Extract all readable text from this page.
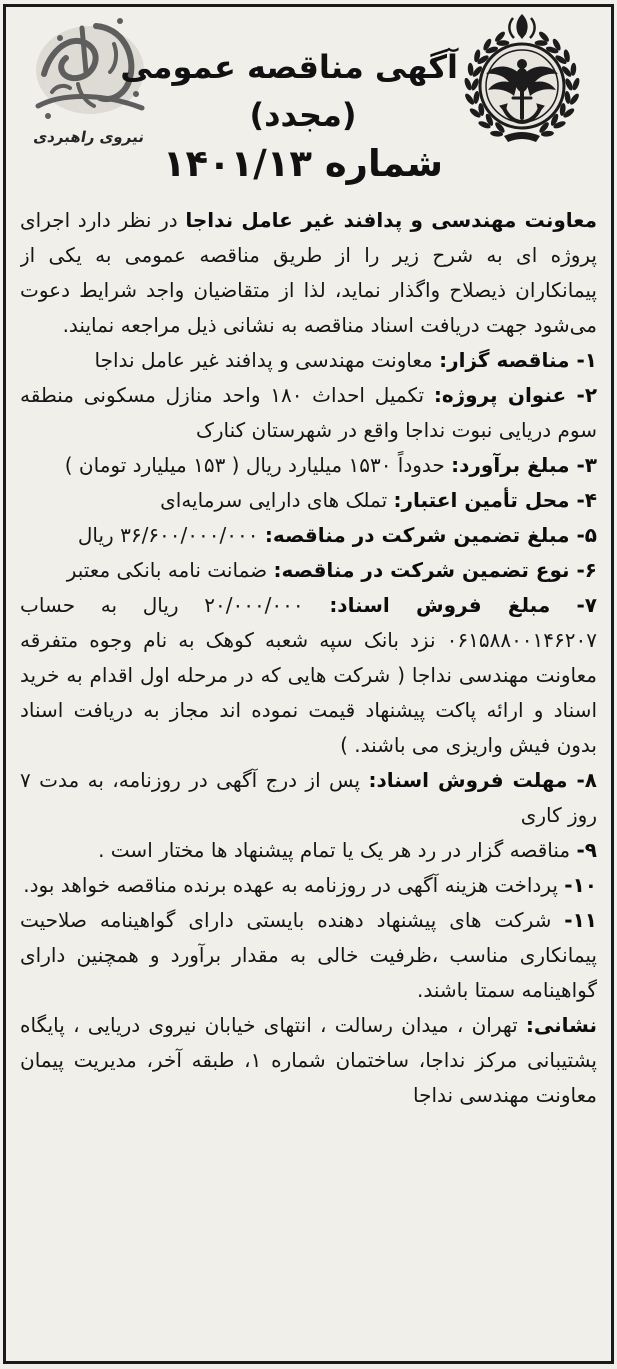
نیروی راهبردی
آگهی مناقصه عمومی
(مجدد)
شماره ۱۴۰۱/۱۳

معاونت مهندسی و پدافند غیر عامل نداجا در نظر دارد اجرای پروژه ای به شرح زیر را از طریق مناقصه عمومی به یکی از پیمانکاران ذیصلاح واگذار نماید، لذا از متقاضیان واجد شرایط دعوت می‌شود جهت دریافت اسناد مناقصه به نشانی ذیل مراجعه نمایند.

۱- مناقصه گزار: معاونت مهندسی و پدافند غیر عامل نداجا

۲- عنوان پروژه: تکمیل احداث ۱۸۰ واحد منازل مسکونی منطقه سوم دریایی نبوت نداجا واقع در شهرستان کنارک

۳- مبلغ برآورد: حدوداً ۱۵۳۰ میلیارد ریال ( ۱۵۳ میلیارد تومان )

۴- محل تأمین اعتبار: تملک های دارایی سرمایه‌ای

۵- مبلغ تضمین شرکت در مناقصه: ۳۶/۶۰۰/۰۰۰/۰۰۰ ریال

۶- نوع تضمین شرکت در مناقصه: ضمانت نامه بانکی معتبر

۷- مبلغ فروش اسناد: ۲۰/۰۰۰/۰۰۰ ریال به حساب ۰۶۱۵۸۸۰۰۱۴۶۲۰۷ نزد بانک سپه شعبه کوهک به نام وجوه متفرقه معاونت مهندسی نداجا ( شرکت هایی که در مرحله اول اقدام به خرید اسناد و ارائه پاکت پیشنهاد قیمت نموده اند مجاز به دریافت اسناد بدون فیش واریزی می باشند. )

۸- مهلت فروش اسناد: پس از درج آگهی در روزنامه، به مدت ۷ روز کاری

۹- مناقصه گزار در رد هر یک یا تمام پیشنهاد ها مختار است .

۱۰- پرداخت هزینه آگهی در روزنامه به عهده برنده مناقصه خواهد بود.

۱۱- شرکت های پیشنهاد دهنده بایستی دارای گواهینامه صلاحیت پیمانکاری مناسب ،ظرفیت خالی به مقدار برآورد و همچنین دارای گواهینامه سمتا باشند.

نشانی: تهران ، میدان رسالت ، انتهای خیابان نیروی دریایی ، پایگاه پشتیبانی مرکز نداجا، ساختمان شماره ۱، طبقه آخر، مدیریت پیمان معاونت مهندسی نداجا
